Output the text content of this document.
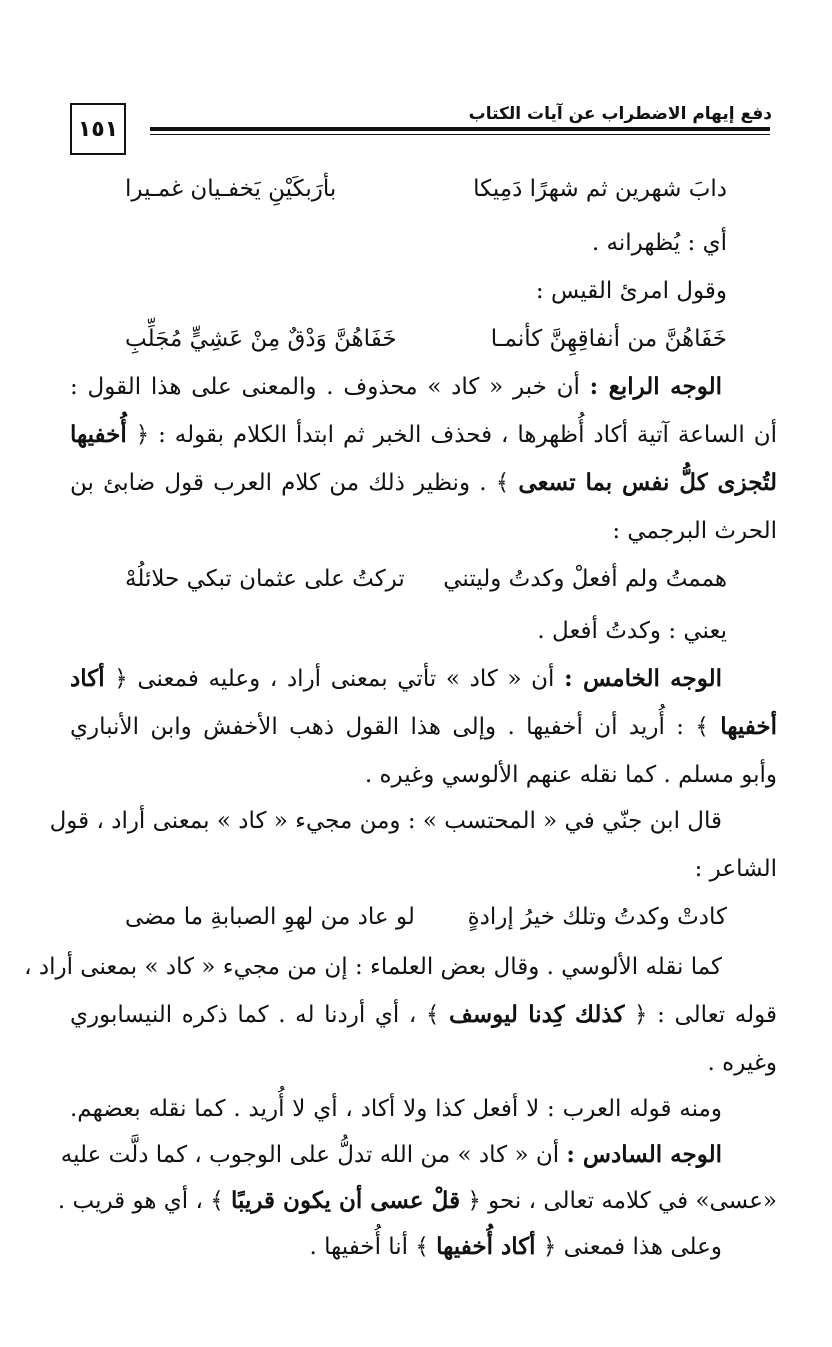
دفع إيهام الاضطراب عن آيات الكتاب
١٥١
دابَ شهرين ثم شهرًا دَمِيكا
بأرَبكَيْنِ يَخفـيان غمـيرا
أي : يُظهرانه .
وقول امرئ القيس :
خَفَاهُنَّ من أنفاقِهِنَّ كأنمـا
خَفَاهُنَّ وَدْقٌ مِنْ عَشِيٍّ مُجَلِّبِ
الوجه الرابع : أن خبر « كاد » محذوف . والمعنى على هذا القول :
أن الساعة آتية أكاد أُظهرها ، فحذف الخبر ثم ابتدأ الكلام بقوله : ﴿ أُخفيها
لتُجزى كلُّ نفس بما تسعى ﴾ . ونظير ذلك من كلام العرب قول ضابئ بن
الحرث البرجمي :
هممتُ ولم أفعلْ وكدتُ وليتني
تركتُ على عثمان تبكي حلائلُهْ
يعني : وكدتُ أفعل .
الوجه الخامس : أن « كاد » تأتي بمعنى أراد ، وعليه فمعنى ﴿ أكاد
أخفيها ﴾ : أُريد أن أخفيها . وإلى هذا القول ذهب الأخفش وابن الأنباري
وأبو مسلم . كما نقله عنهم الألوسي وغيره .
قال ابن جنّي في « المحتسب » : ومن مجيء « كاد » بمعنى أراد ، قول
الشاعر :
كادتْ وكدتُ وتلك خيرُ إرادةٍ
لو عاد من لهوِ الصبابةِ ما مضى
كما نقله الألوسي . وقال بعض العلماء : إن من مجيء « كاد » بمعنى أراد ،
قوله تعالى : ﴿ كذلك كِدنا ليوسف ﴾ ، أي أردنا له . كما ذكره النيسابوري
وغيره .
ومنه قوله العرب : لا أفعل كذا ولا أكاد ، أي لا أُريد . كما نقله بعضهم.
الوجه السادس : أن « كاد » من الله تدلُّ على الوجوب ، كما دلَّت عليه
«عسى» في كلامه تعالى ، نحو ﴿ قلْ عسى أن يكون قريبًا ﴾ ، أي هو قريب .
وعلى هذا فمعنى ﴿ أكاد أُخفيها ﴾ أنا أُخفيها .
